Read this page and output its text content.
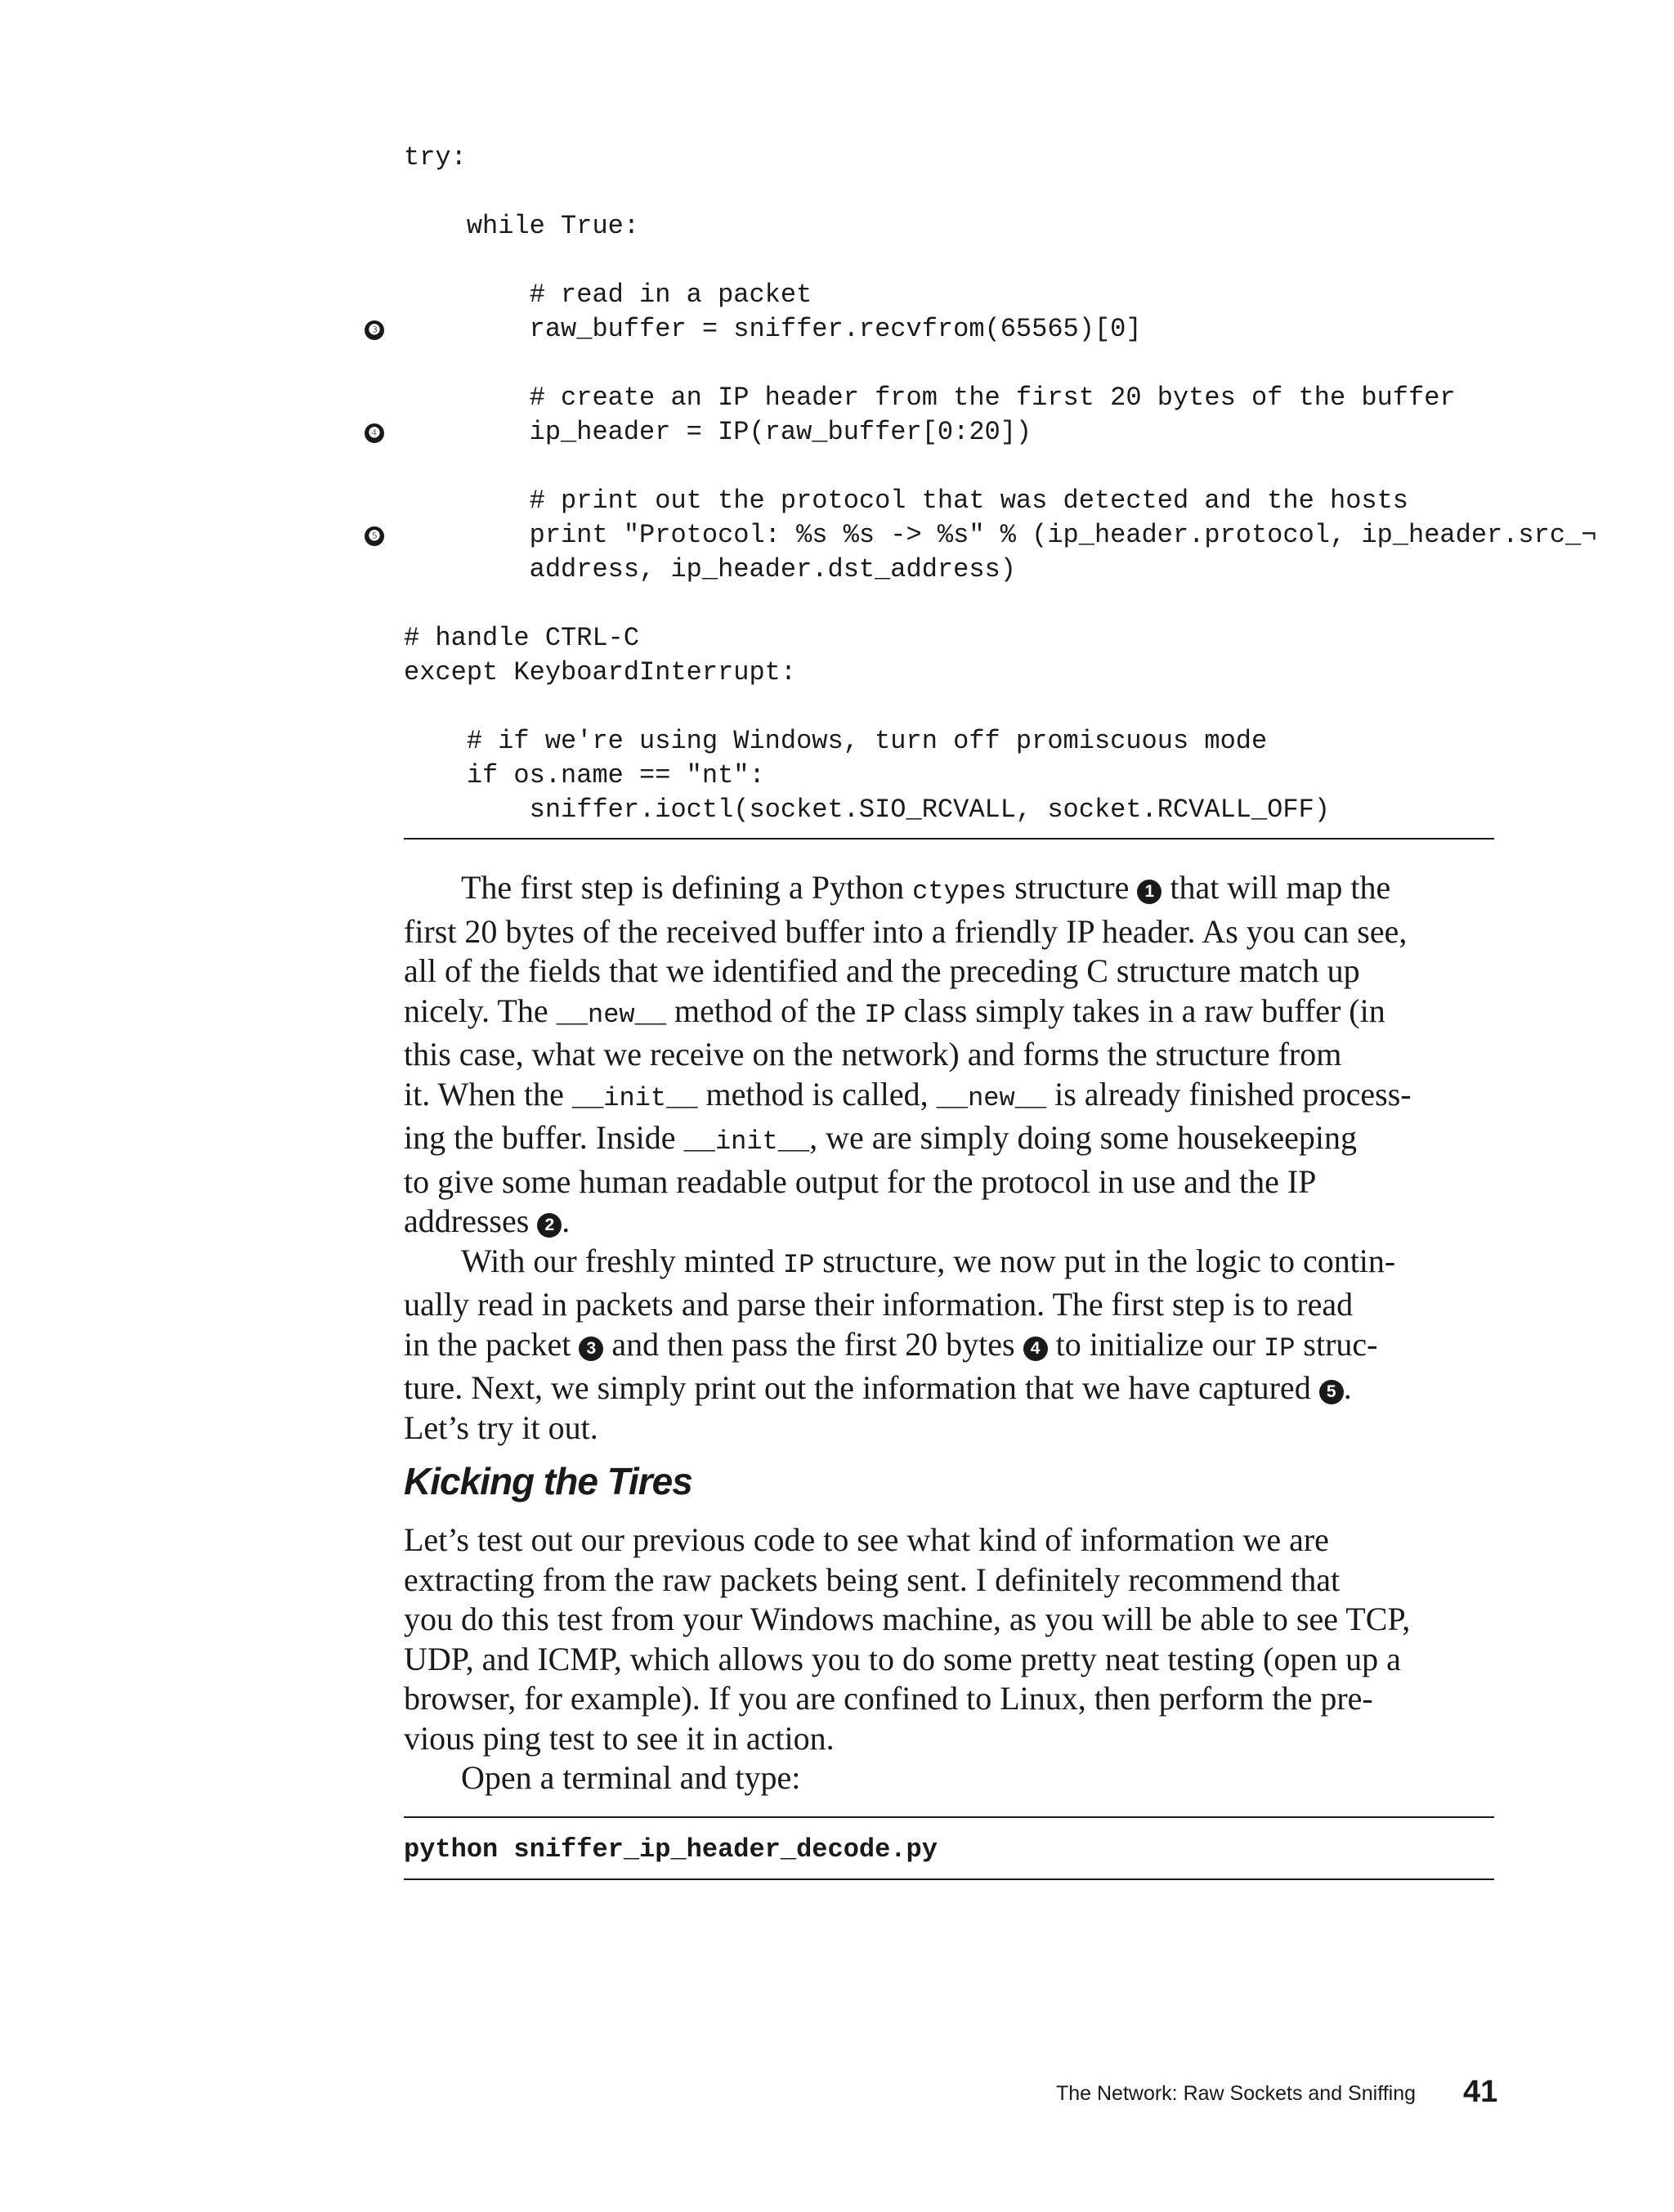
try:
while True:
# read in a packet
❸ raw_buffer = sniffer.recvfrom(65565)[0]
# create an IP header from the first 20 bytes of the buffer
❹ ip_header = IP(raw_buffer[0:20])
# print out the protocol that was detected and the hosts
❺ print "Protocol: %s %s -> %s" % (ip_header.protocol, ip_header.src_¬
address, ip_header.dst_address)
# handle CTRL-C
except KeyboardInterrupt:
# if we're using Windows, turn off promiscuous mode
if os.name == "nt":
sniffer.ioctl(socket.SIO_RCVALL, socket.RCVALL_OFF)
The first step is defining a Python ctypes structure 1 that will map the
first 20 bytes of the received buffer into a friendly IP header. As you can see,
all of the fields that we identified and the preceding C structure match up
nicely. The __new__ method of the IP class simply takes in a raw buffer (in
this case, what we receive on the network) and forms the structure from
it. When the __init__ method is called, __new__ is already finished process-
ing the buffer. Inside __init__, we are simply doing some housekeeping
to give some human readable output for the protocol in use and the IP
addresses 2 .
With our freshly minted IP structure, we now put in the logic to contin-
ually read in packets and parse their information. The first step is to read
in the packet 3 and then pass the first 20 bytes 4 to initialize our IP struc-
ture. Next, we simply print out the information that we have captured 5 .
Let’s try it out.
Kicking the Tires
Let’s test out our previous code to see what kind of information we are
extracting from the raw packets being sent. I definitely recommend that
you do this test from your Windows machine, as you will be able to see TCP,
UDP, and ICMP, which allows you to do some pretty neat testing (open up a
browser, for example). If you are confined to Linux, then perform the pre-
vious ping test to see it in action.
Open a terminal and type:
python sniffer_ip_header_decode.py
The Network: Raw Sockets and Sniffing 41
